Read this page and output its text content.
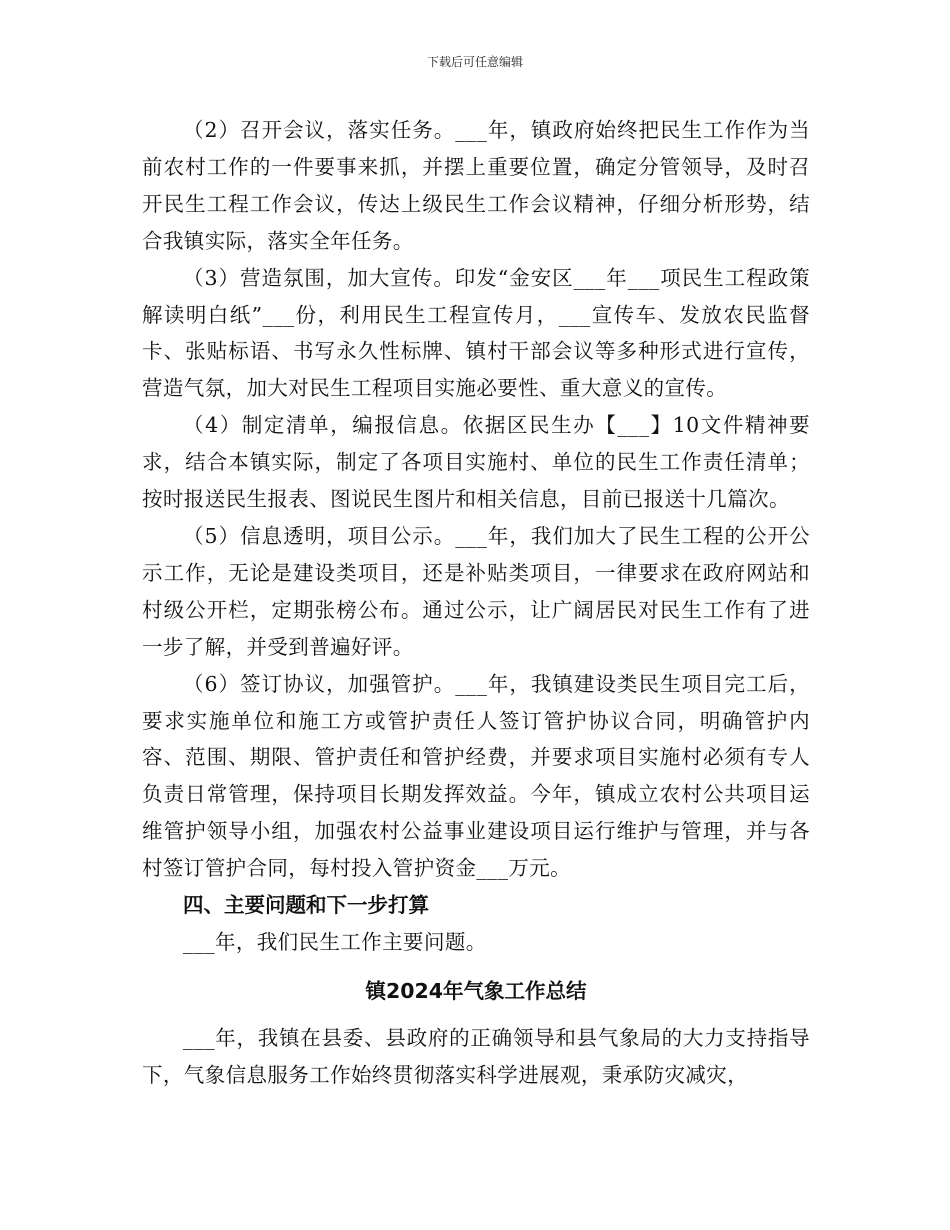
下载后可任意编辑

（2）召开会议，落实任务。___年，镇政府始终把民生工作作为当前农村工作的一件要事来抓，并摆上重要位置，确定分管领导，及时召开民生工程工作会议，传达上级民生工作会议精神，仔细分析形势，结合我镇实际，落实全年任务。

（3）营造氛围，加大宣传。印发“金安区___年___项民生工程政策解读明白纸”___份，利用民生工程宣传月，___宣传车、发放农民监督卡、张贴标语、书写永久性标牌、镇村干部会议等多种形式进行宣传，营造气氛，加大对民生工程项目实施必要性、重大意义的宣传。

（4）制定清单，编报信息。依据区民生办【___】10文件精神要求，结合本镇实际，制定了各项目实施村、单位的民生工作责任清单；按时报送民生报表、图说民生图片和相关信息，目前已报送十几篇次。

（5）信息透明，项目公示。___年，我们加大了民生工程的公开公示工作，无论是建设类项目，还是补贴类项目，一律要求在政府网站和村级公开栏，定期张榜公布。通过公示，让广阔居民对民生工作有了进一步了解，并受到普遍好评。

（6）签订协议，加强管护。___年，我镇建设类民生项目完工后，要求实施单位和施工方或管护责任人签订管护协议合同，明确管护内容、范围、期限、管护责任和管护经费，并要求项目实施村必须有专人负责日常管理，保持项目长期发挥效益。今年，镇成立农村公共项目运维管护领导小组，加强农村公益事业建设项目运行维护与管理，并与各村签订管护合同，每村投入管护资金___万元。

四、主要问题和下一步打算

___年，我们民生工作主要问题。

镇2024年气象工作总结

___年，我镇在县委、县政府的正确领导和县气象局的大力支持指导下，气象信息服务工作始终贯彻落实科学进展观，秉承防灾减灾，
